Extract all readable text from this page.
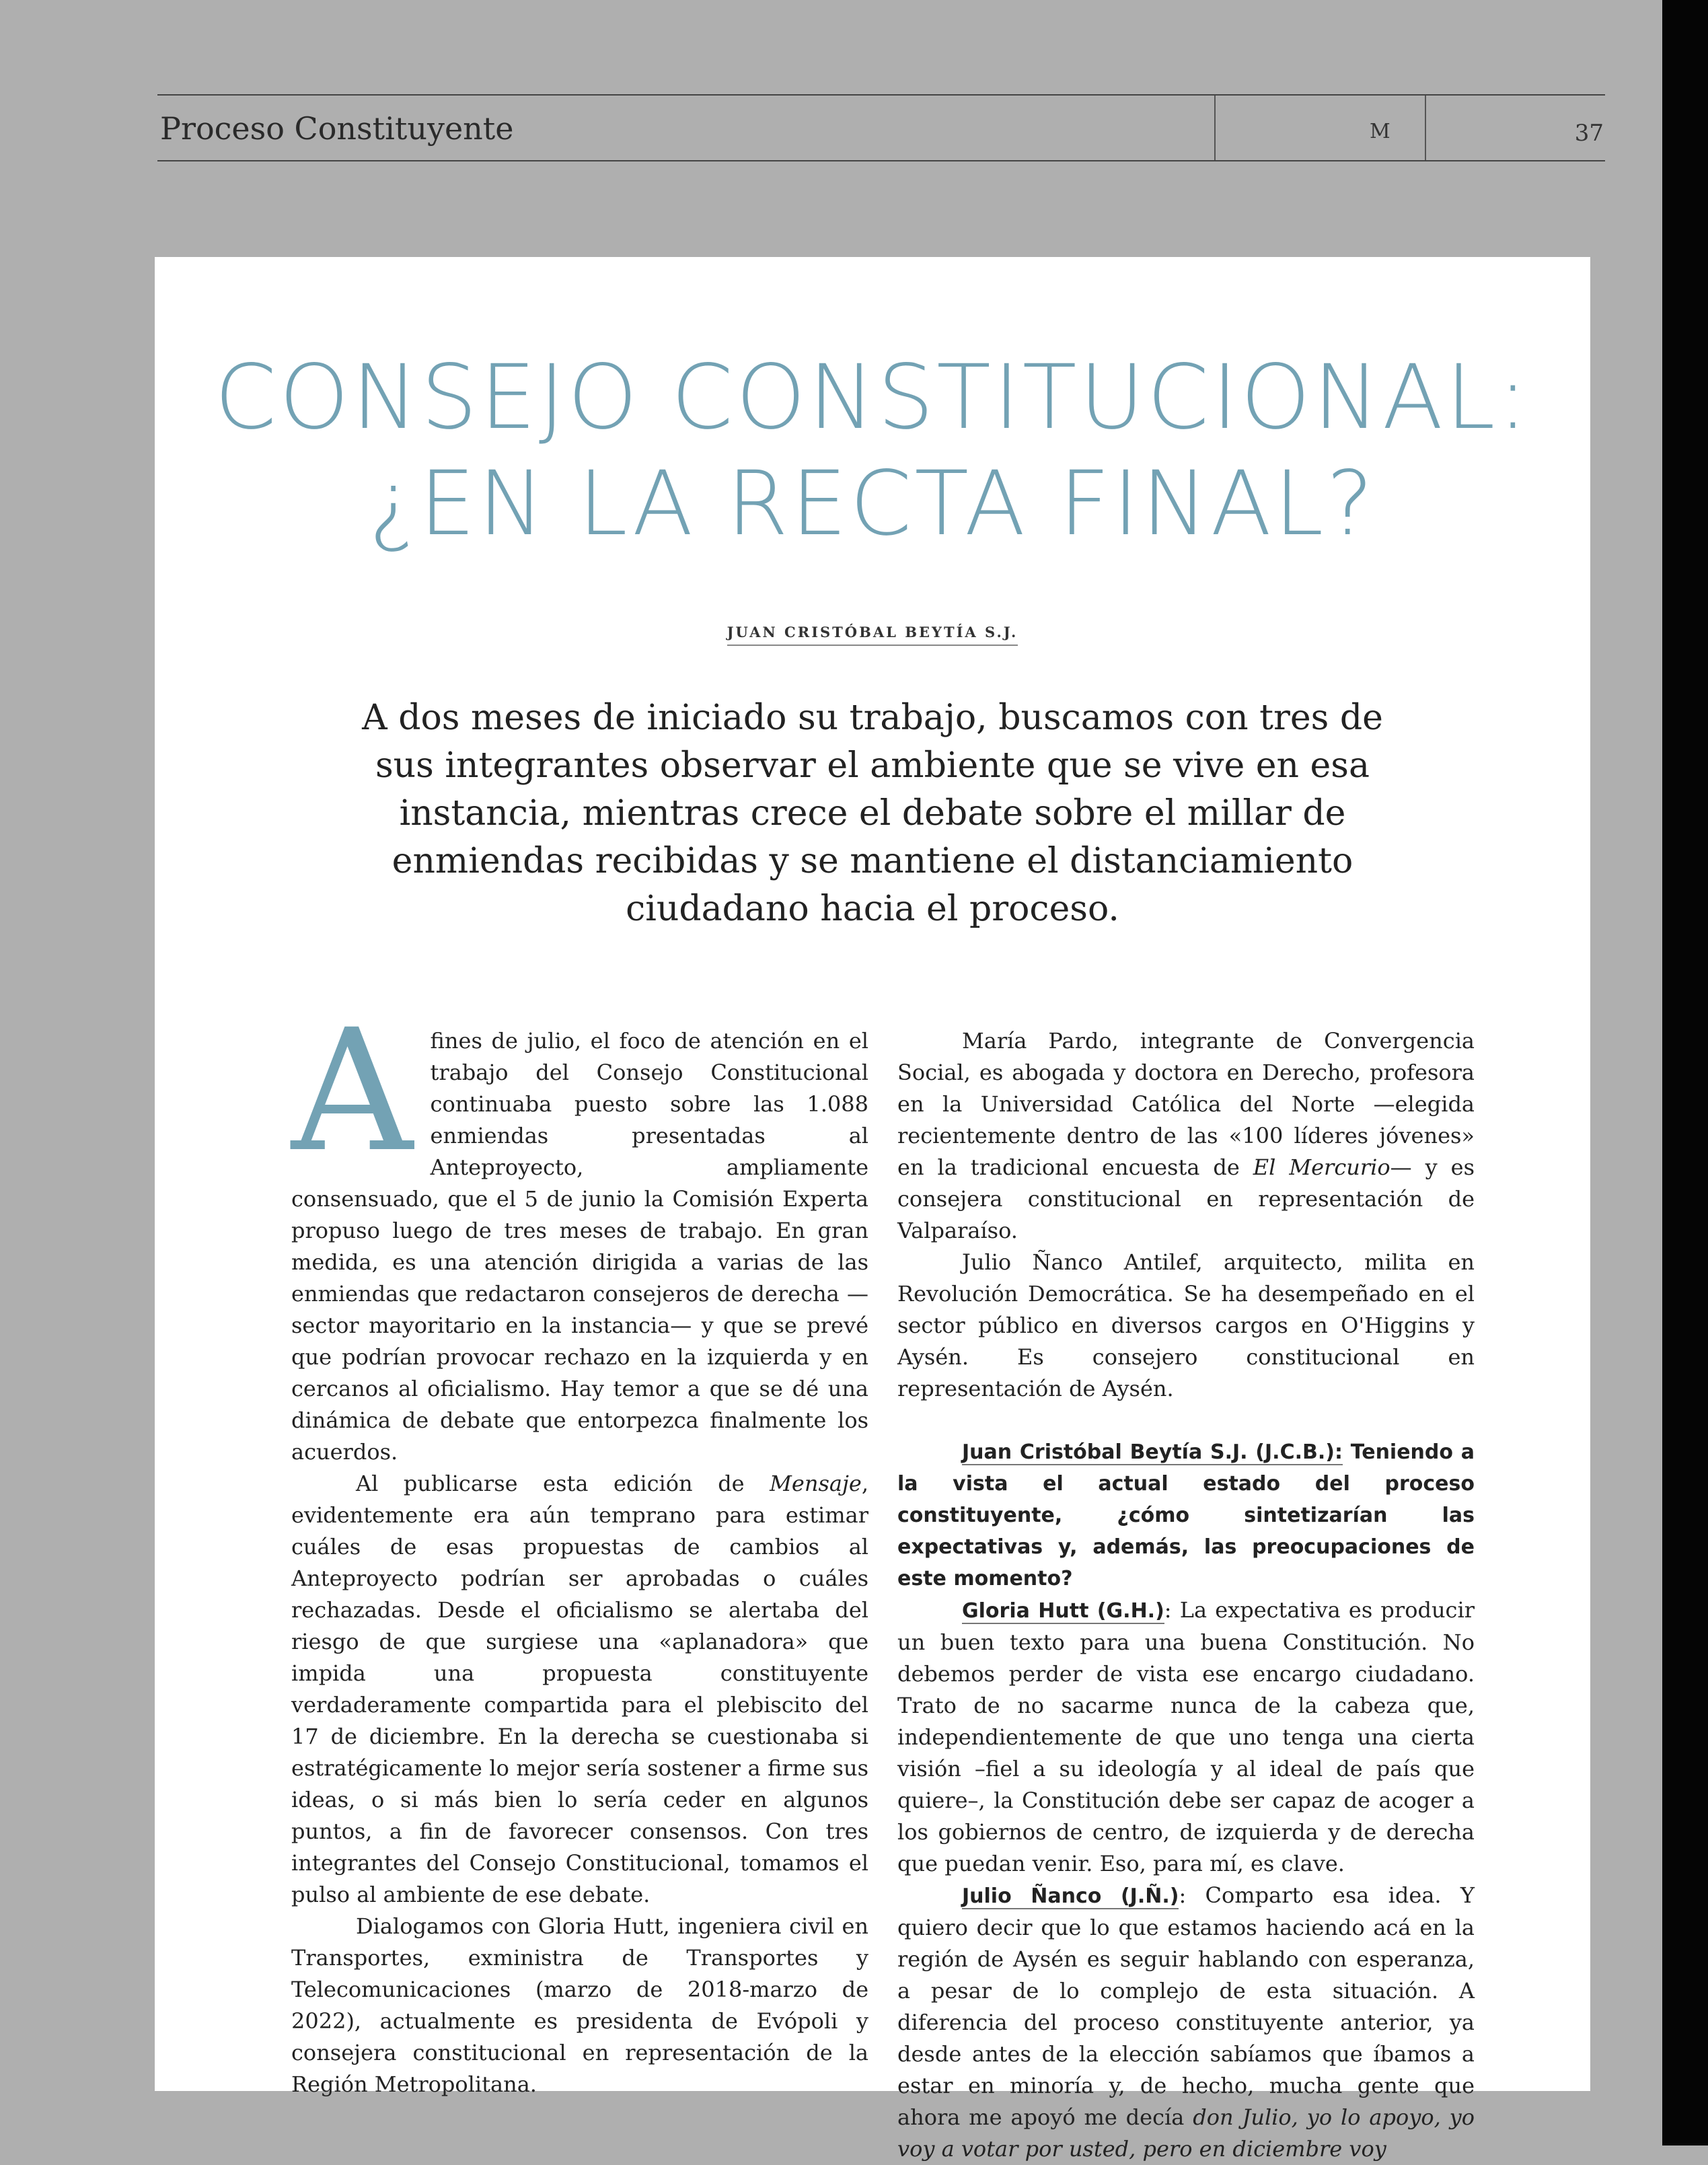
Proceso Constituyente	M	37
CONSEJO CONSTITUCIONAL:
¿EN LA RECTA FINAL?
JUAN CRISTÓBAL BEYTÍA S.J.
A dos meses de iniciado su trabajo, buscamos con tres de sus integrantes observar el ambiente que se vive en esa instancia, mientras crece el debate sobre el millar de enmiendas recibidas y se mantiene el distanciamiento ciudadano hacia el proceso.

Afines de julio, el foco de atención en el trabajo del Consejo Constitucional continuaba puesto sobre las 1.088 enmiendas presentadas al Anteproyecto, ampliamente consensuado, que el 5 de junio la Comisión Experta propuso luego de tres meses de trabajo. En gran medida, es una atención dirigida a varias de las enmiendas que redactaron consejeros de derecha —sector mayoritario en la instancia— y que se prevé que podrían provocar rechazo en la izquierda y en cercanos al oficialismo. Hay temor a que se dé una dinámica de debate que entorpezca finalmente los acuerdos.

Al publicarse esta edición de Mensaje, evidentemente era aún temprano para estimar cuáles de esas propuestas de cambios al Anteproyecto podrían ser aprobadas o cuáles rechazadas. Desde el oficialismo se alertaba del riesgo de que surgiese una «aplanadora» que impida una propuesta constituyente verdaderamente compartida para el plebiscito del 17 de diciembre. En la derecha se cuestionaba si estratégicamente lo mejor sería sostener a firme sus ideas, o si más bien lo sería ceder en algunos puntos, a fin de favorecer consensos. Con tres integrantes del Consejo Constitucional, tomamos el pulso al ambiente de ese debate.

Dialogamos con Gloria Hutt, ingeniera civil en Transportes, exministra de Transportes y Telecomunicaciones (marzo de 2018-marzo de 2022), actualmente es presidenta de Evópoli y consejera constitucional en representación de la Región Metropolitana.

María Pardo, integrante de Convergencia Social, es abogada y doctora en Derecho, profesora en la Universidad Católica del Norte —elegida recientemente dentro de las «100 líderes jóvenes» en la tradicional encuesta de El Mercurio— y es consejera constitucional en representación de Valparaíso.

Julio Ñanco Antilef, arquitecto, milita en Revolución Democrática. Se ha desempeñado en el sector público en diversos cargos en O'Higgins y Aysén. Es consejero constitucional en representación de Aysén.

Juan Cristóbal Beytía S.J. (J.C.B.): Teniendo a la vista el actual estado del proceso constituyente, ¿cómo sintetizarían las expectativas y, además, las preocupaciones de este momento?

Gloria Hutt (G.H.): La expectativa es producir un buen texto para una buena Constitución. No debemos perder de vista ese encargo ciudadano. Trato de no sacarme nunca de la cabeza que, independientemente de que uno tenga una cierta visión –fiel a su ideología y al ideal de país que quiere–, la Constitución debe ser capaz de acoger a los gobiernos de centro, de izquierda y de derecha que puedan venir. Eso, para mí, es clave.

Julio Ñanco (J.Ñ.): Comparto esa idea. Y quiero decir que lo que estamos haciendo acá en la región de Aysén es seguir hablando con esperanza, a pesar de lo complejo de esta situación. A diferencia del proceso constituyente anterior, ya desde antes de la elección sabíamos que íbamos a estar en minoría y, de hecho, mucha gente que ahora me apoyó me decía don Julio, yo lo apoyo, yo voy a votar por usted, pero en diciembre voy
